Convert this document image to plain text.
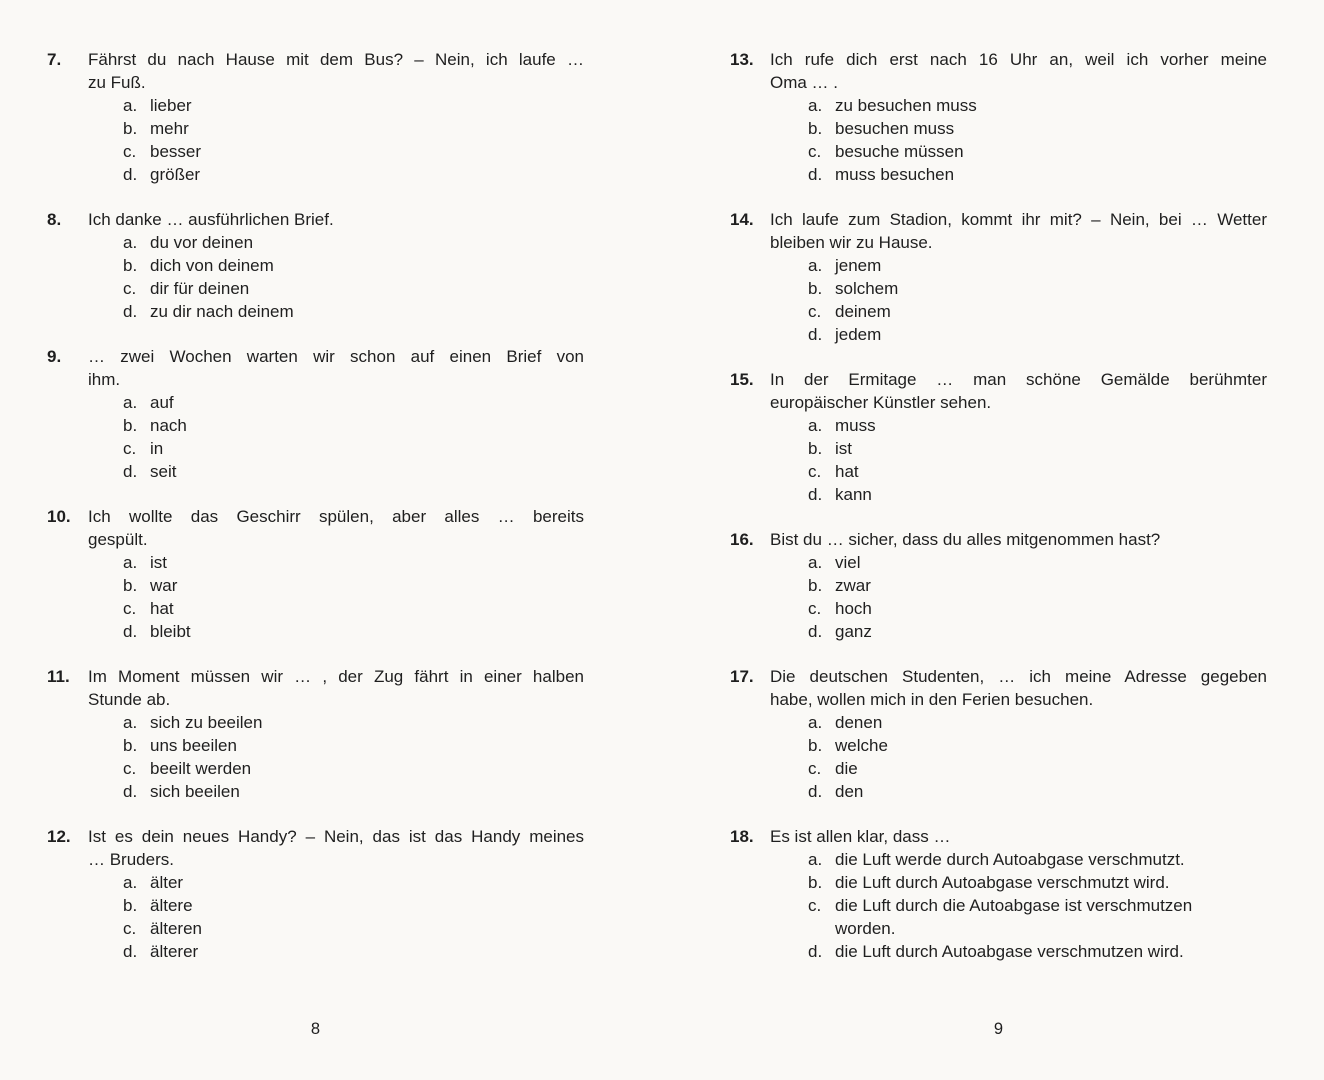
7.	Fährst du nach Hause mit dem Bus? – Nein, ich laufe …
zu Fuß.
a. lieber
b. mehr
c. besser
d. größer
8.	Ich danke … ausführlichen Brief.
a. du vor deinen
b. dich von deinem
c. dir für deinen
d. zu dir nach deinem
9.	… zwei Wochen warten wir schon auf einen Brief von
ihm.
a. auf
b. nach
c. in
d. seit
10.	Ich wollte das Geschirr spülen, aber alles … bereits
gespült.
a. ist
b. war
c. hat
d. bleibt
11.	Im Moment müssen wir … , der Zug fährt in einer halben
Stunde ab.
a. sich zu beeilen
b. uns beeilen
c. beeilt werden
d. sich beeilen
12.	Ist es dein neues Handy? – Nein, das ist das Handy meines
… Bruders.
a. älter
b. ältere
c. älteren
d. älterer
8
13. Ich rufe dich erst nach 16 Uhr an, weil ich vorher meine
Oma … .
a. zu besuchen muss
b. besuchen muss
c. besuche müssen
d. muss besuchen
14. Ich laufe zum Stadion, kommt ihr mit? – Nein, bei … Wetter
bleiben wir zu Hause.
a. jenem
b. solchem
c. deinem
d. jedem
15. In der Ermitage … man schöne Gemälde berühmter
europäischer Künstler sehen.
a. muss
b. ist
c. hat
d. kann
16. Bist du … sicher, dass du alles mitgenommen hast?
a. viel
b. zwar
c. hoch
d. ganz
17. Die deutschen Studenten, … ich meine Adresse gegeben
habe, wollen mich in den Ferien besuchen.
a. denen
b. welche
c. die
d. den
18. Es ist allen klar, dass …
a. die Luft werde durch Autoabgase verschmutzt.
b. die Luft durch Autoabgase verschmutzt wird.
c. die Luft durch die Autoabgase ist verschmutzen
worden.
d. die Luft durch Autoabgase verschmutzen wird.
9
